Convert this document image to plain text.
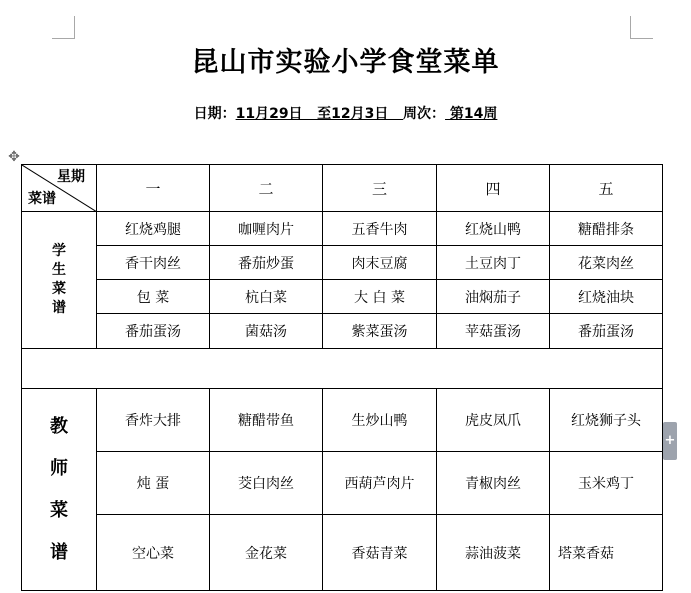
昆山市实验小学食堂菜单
日期：11月29日   至12月3日   周次： 第14周
✥
+
星期
菜谱	一	二	三	四	五
学生菜谱	红烧鸡腿	咖喱肉片	五香牛肉	红烧山鸭	糖醋排条
	香干肉丝	番茄炒蛋	肉末豆腐	土豆肉丁	花菜肉丝
	包 菜	杭白菜	大 白 菜	油焖茄子	红烧油块
	番茄蛋汤	菌菇汤	紫菜蛋汤	苹菇蛋汤	番茄蛋汤

教师菜谱	香炸大排	糖醋带鱼	生炒山鸭	虎皮凤爪	红烧狮子头
	炖 蛋	茭白肉丝	西葫芦肉片	青椒肉丝	玉米鸡丁
	空心菜	金花菜	香菇青菜	蒜油菠菜	塔菜香菇
